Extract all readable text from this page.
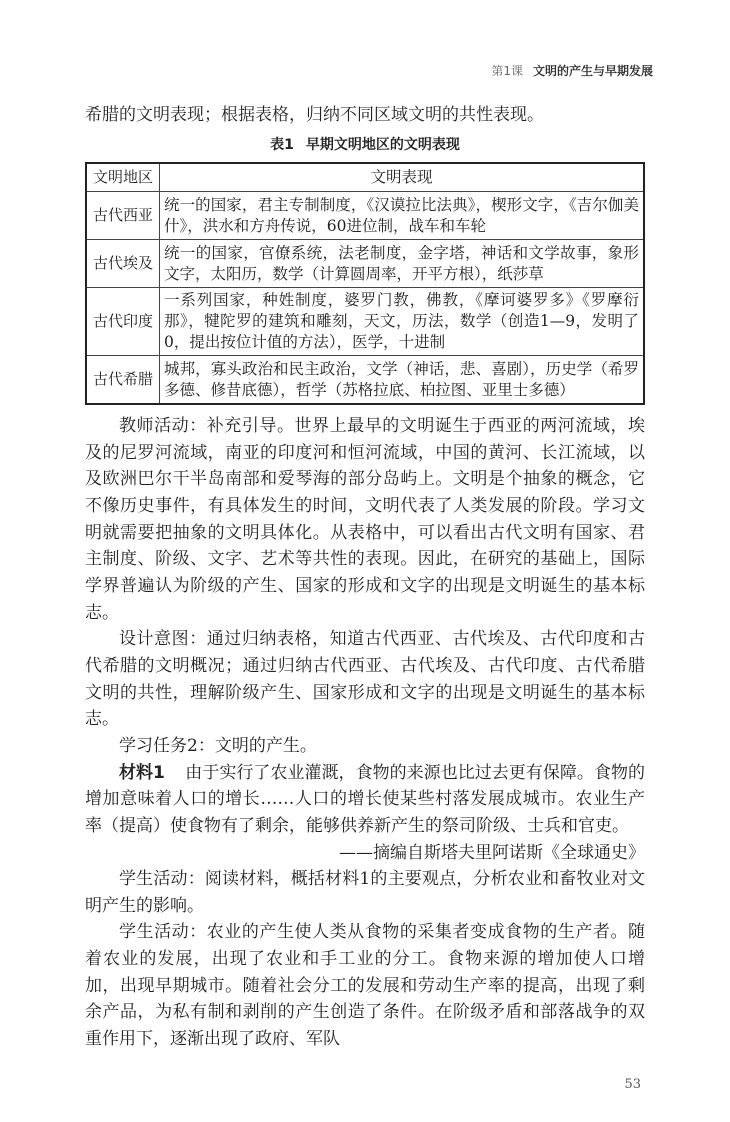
第1课 文明的产生与早期发展
希腊的文明表现；根据表格，归纳不同区域文明的共性表现。
表1 早期文明地区的文明表现
文明地区	文明表现
古代西亚	统一的国家，君主专制制度，《汉谟拉比法典》，楔形文字，《吉尔伽美什》，洪水和方舟传说，60进位制，战车和车轮
古代埃及	统一的国家，官僚系统，法老制度，金字塔，神话和文学故事，象形文字，太阳历，数学（计算圆周率，开平方根），纸莎草
古代印度	一系列国家，种姓制度，婆罗门教，佛教，《摩诃婆罗多》《罗摩衍那》，犍陀罗的建筑和雕刻，天文，历法，数学（创造1—9，发明了0，提出按位计值的方法），医学，十进制
古代希腊	城邦，寡头政治和民主政治，文学（神话，悲、喜剧），历史学（希罗多德、修昔底德），哲学（苏格拉底、柏拉图、亚里士多德）
教师活动：补充引导。世界上最早的文明诞生于西亚的两河流域，埃及的尼罗河流域，南亚的印度河和恒河流域，中国的黄河、长江流域，以及欧洲巴尔干半岛南部和爱琴海的部分岛屿上。文明是个抽象的概念，它不像历史事件，有具体发生的时间，文明代表了人类发展的阶段。学习文明就需要把抽象的文明具体化。从表格中，可以看出古代文明有国家、君主制度、阶级、文字、艺术等共性的表现。因此，在研究的基础上，国际学界普遍认为阶级的产生、国家的形成和文字的出现是文明诞生的基本标志。
设计意图：通过归纳表格，知道古代西亚、古代埃及、古代印度和古代希腊的文明概况；通过归纳古代西亚、古代埃及、古代印度、古代希腊文明的共性，理解阶级产生、国家形成和文字的出现是文明诞生的基本标志。
学习任务2：文明的产生。
材料1 由于实行了农业灌溉，食物的来源也比过去更有保障。食物的增加意味着人口的增长……人口的增长使某些村落发展成城市。农业生产率（提高）使食物有了剩余，能够供养新产生的祭司阶级、士兵和官吏。
——摘编自斯塔夫里阿诺斯《全球通史》
学生活动：阅读材料，概括材料1的主要观点，分析农业和畜牧业对文明产生的影响。
学生活动：农业的产生使人类从食物的采集者变成食物的生产者。随着农业的发展，出现了农业和手工业的分工。食物来源的增加使人口增加，出现早期城市。随着社会分工的发展和劳动生产率的提高，出现了剩余产品，为私有制和剥削的产生创造了条件。在阶级矛盾和部落战争的双重作用下，逐渐出现了政府、军队
53
